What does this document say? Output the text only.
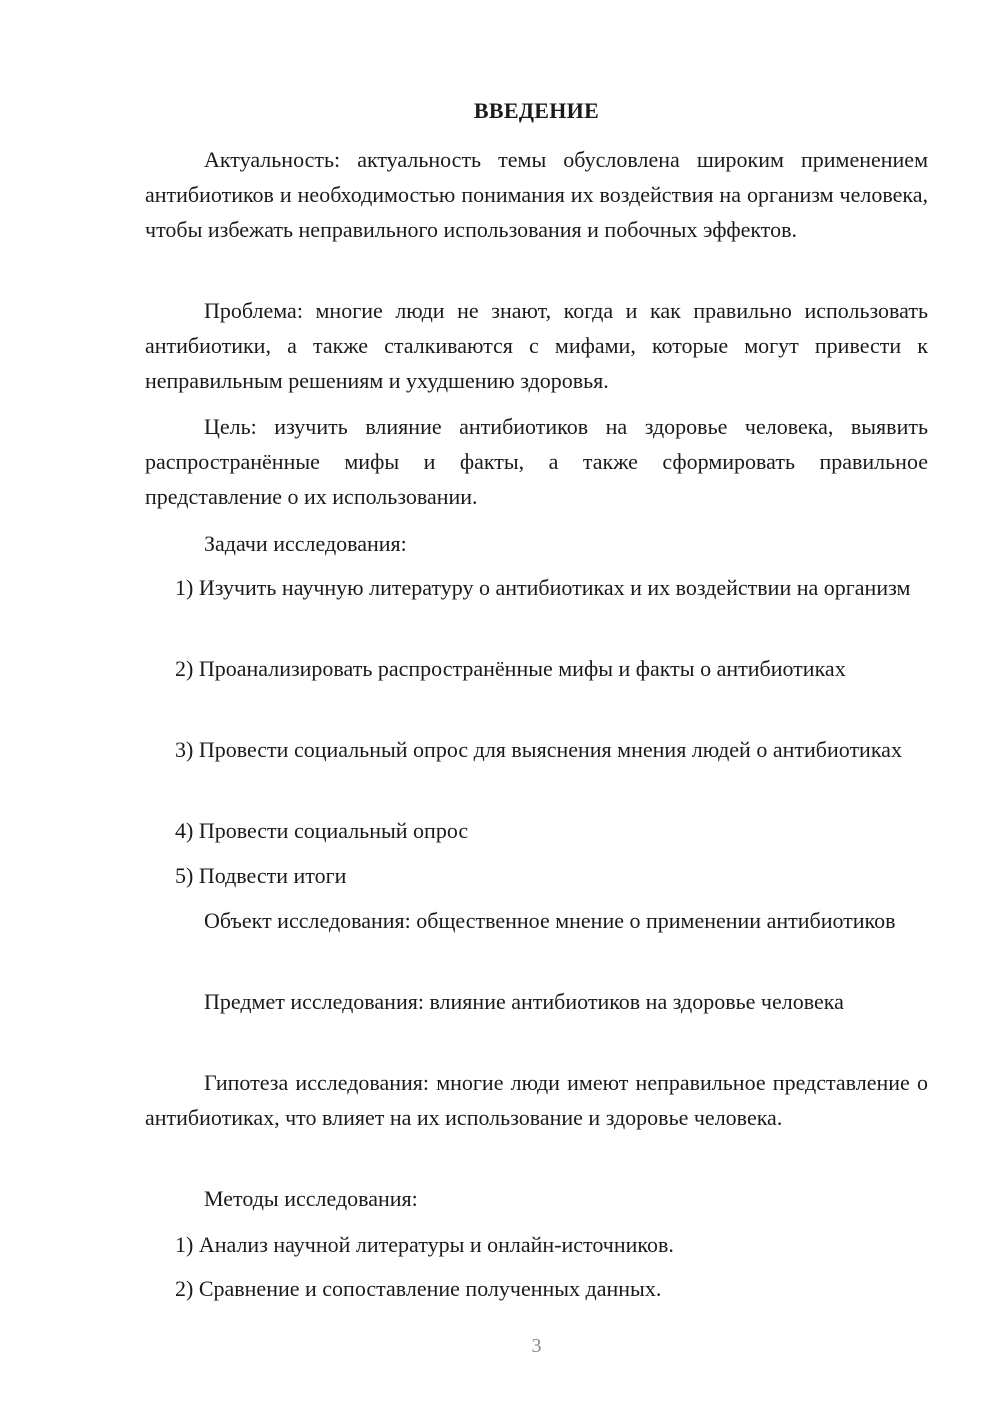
ВВЕДЕНИЕ

Актуальность: актуальность темы обусловлена широким применением антибиотиков и необходимостью понимания их воздействия на организм человека, чтобы избежать неправильного использования и побочных эффектов.

Проблема: многие люди не знают, когда и как правильно использовать антибиотики, а также сталкиваются с мифами, которые могут привести к неправильным решениям и ухудшению здоровья.

Цель: изучить влияние антибиотиков на здоровье человека, выявить распространённые мифы и факты, а также сформировать правильное представление о их использовании.

Задачи исследования:

1) Изучить научную литературу о антибиотиках и их воздействии на организм

2) Проанализировать распространённые мифы и факты о антибиотиках

3) Провести социальный опрос для выяснения мнения людей о антибиотиках

4) Провести социальный опрос

5) Подвести итоги

Объект исследования: общественное мнение о применении антибиотиков

Предмет исследования: влияние антибиотиков на здоровье человека

Гипотеза исследования: многие люди имеют неправильное представление о антибиотиках, что влияет на их использование и здоровье человека.

Методы исследования:

1) Анализ научной литературы и онлайн-источников.

2) Сравнение и сопоставление полученных данных.

3
